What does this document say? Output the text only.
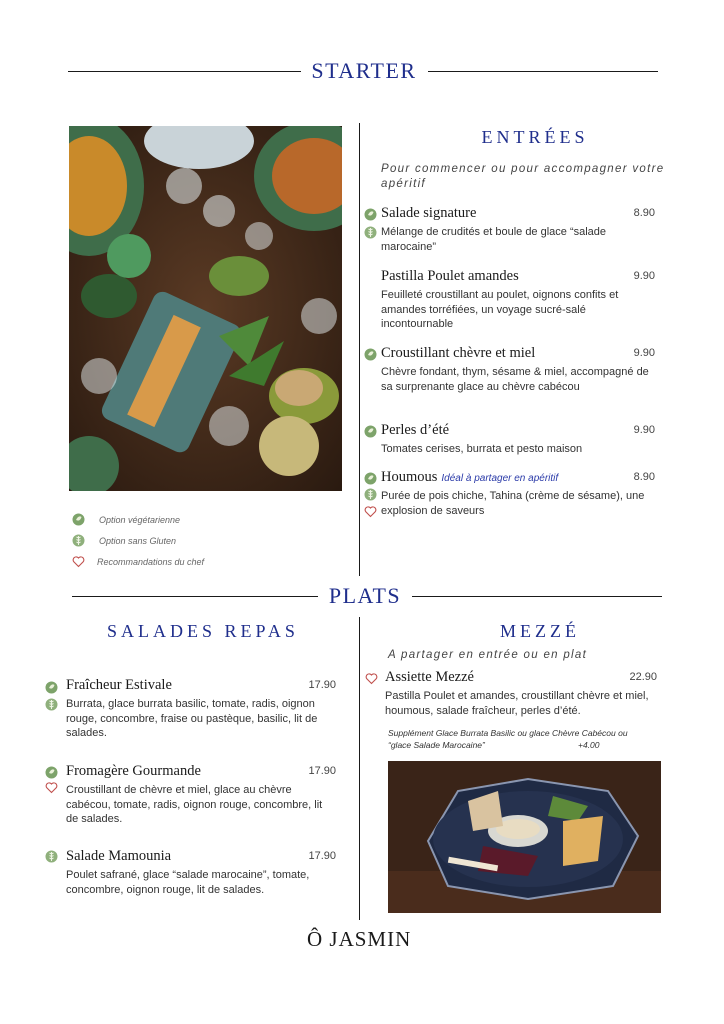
STARTER
ENTRÉES
Pour commencer ou pour accompagner votre apéritif
Salade signature	8.90
Mélange de crudités et boule de glace “salade marocaine”
Pastilla Poulet amandes	9.90
Feuilleté croustillant au poulet, oignons confits et amandes torréfiées, un voyage sucré-salé incontournable
Croustillant chèvre et miel	9.90
Chèvre fondant, thym, sésame & miel, accompagné de sa surprenante glace au chèvre cabécou
Perles d’été	9.90
Tomates cerises, burrata et pesto maison
Houmous Idéal à partager en apéritif	8.90
Purée de pois chiche, Tahina (crème de sésame), une explosion de saveurs
Option végétarienne
Option sans Gluten
Recommandations du chef
PLATS
SALADES REPAS
Fraîcheur Estivale	17.90
Burrata, glace burrata basilic, tomate, radis, oignon rouge, concombre, fraise ou pastèque, basilic, lit de salades.
Fromagère Gourmande	17.90
Croustillant de chèvre et miel, glace au chèvre cabécou, tomate, radis, oignon rouge, concombre, lit de salades.
Salade Mamounia	17.90
Poulet safrané, glace “salade marocaine”, tomate, concombre, oignon rouge, lit de salades.
MEZZÉ
A partager en entrée ou en plat
Assiette Mezzé	22.90
Pastilla Poulet et amandes, croustillant chèvre et miel, houmous, salade fraîcheur, perles d’été.
Supplément Glace Burrata Basilic ou glace Chèvre Cabécou ou “glace Salade Marocaine”	+4.00
Ô JASMIN
